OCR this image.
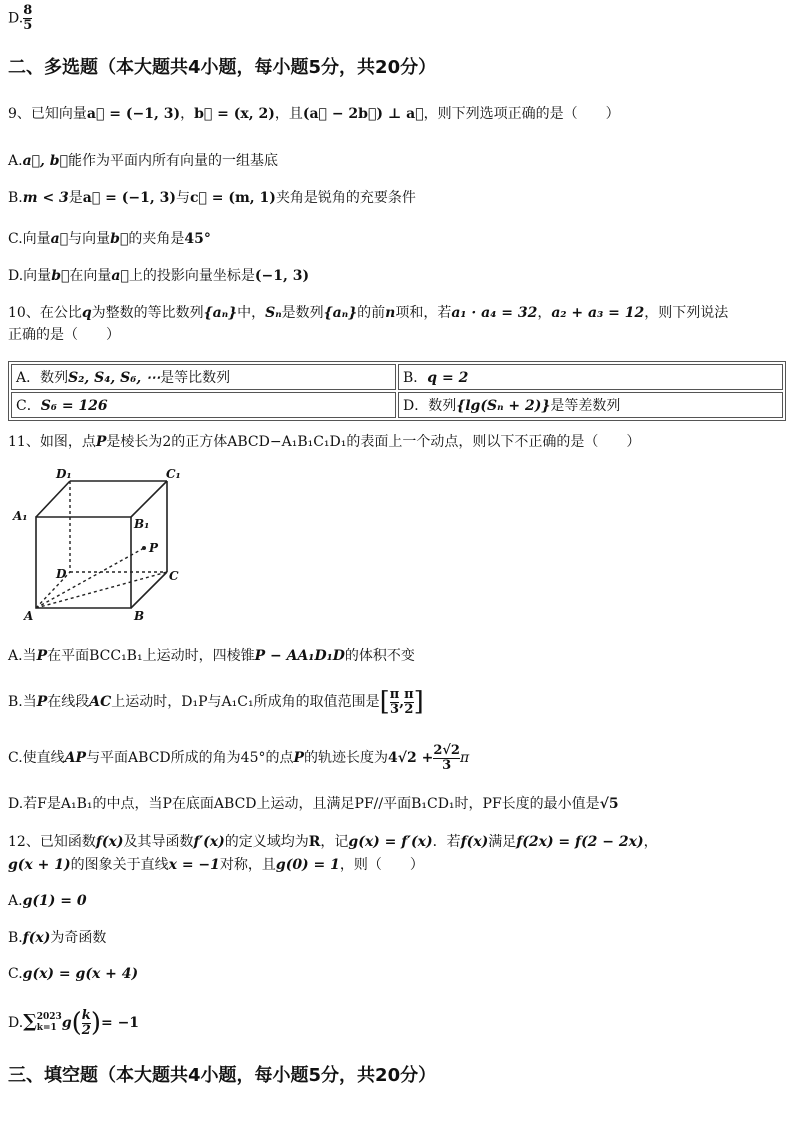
D. $\frac{8}{5}$
二、多选题（本大题共4小题，每小题5分，共20分）
9、已知向量a⃗ = (−1, 3)，b⃗ = (x, 2)，且(a⃗ − 2b⃗) ⊥ a⃗，则下列选项正确的是（　　）
A.a⃗, b⃗能作为平面内所有向量的一组基底
B.m < 3是a⃗ = (−1, 3)与c⃗ = (m, 1)夹角是锐角的充要条件
C.向量a⃗与向量b⃗的夹角是45°
D.向量b⃗在向量a⃗上的投影向量坐标是(−1, 3)
10、在公比q为整数的等比数列{aₙ}中，Sₙ是数列{aₙ}的前n项和，若a₁ · a₄ = 32，a₂ + a₃ = 12，则下列说法
正确的是（　　）
A．数列S₂, S₄, S₆, ⋯是等比数列	B．q = 2
C．S₆ = 126	D．数列{lg(Sₙ + 2)}是等差数列
11、如图，点P是棱长为2的正方体ABCD−A₁B₁C₁D₁的表面上一个动点，则以下不正确的是（　　）
D₁	C₁
A₁
B₁
P
D	C
A	B
A.当P在平面BCC₁B₁上运动时，四棱锥P − AA₁D₁D的体积不变
B.当P在线段AC上运动时，D₁P与A₁C₁所成角的取值范围是[ $\frac{\pi}{3}$ , $\frac{\pi}{2}$ ]
C.使直线AP与平面ABCD所成的角为45°的点P的轨迹长度为$4√2 + \frac{2√2}{3}$ π
D.若F是A₁B₁的中点，当P在底面ABCD上运动，且满足PF//平面B₁CD₁时，PF长度的最小值是√5
12、已知函数f(x)及其导函数f′(x)的定义域均为R，记g(x) = f′(x)．若f(x)满足f(2x) = f(2 − 2x)，
g(x + 1)的图象关于直线x = −1对称，且g(0) = 1，则（　　）
A.g(1) = 0
B.f(x)为奇函数
C.g(x) = g(x + 4)
D.∑ 2023
k=1 $g( \frac{k}{2}$ )= −1
三、填空题（本大题共4小题，每小题5分，共20分）
